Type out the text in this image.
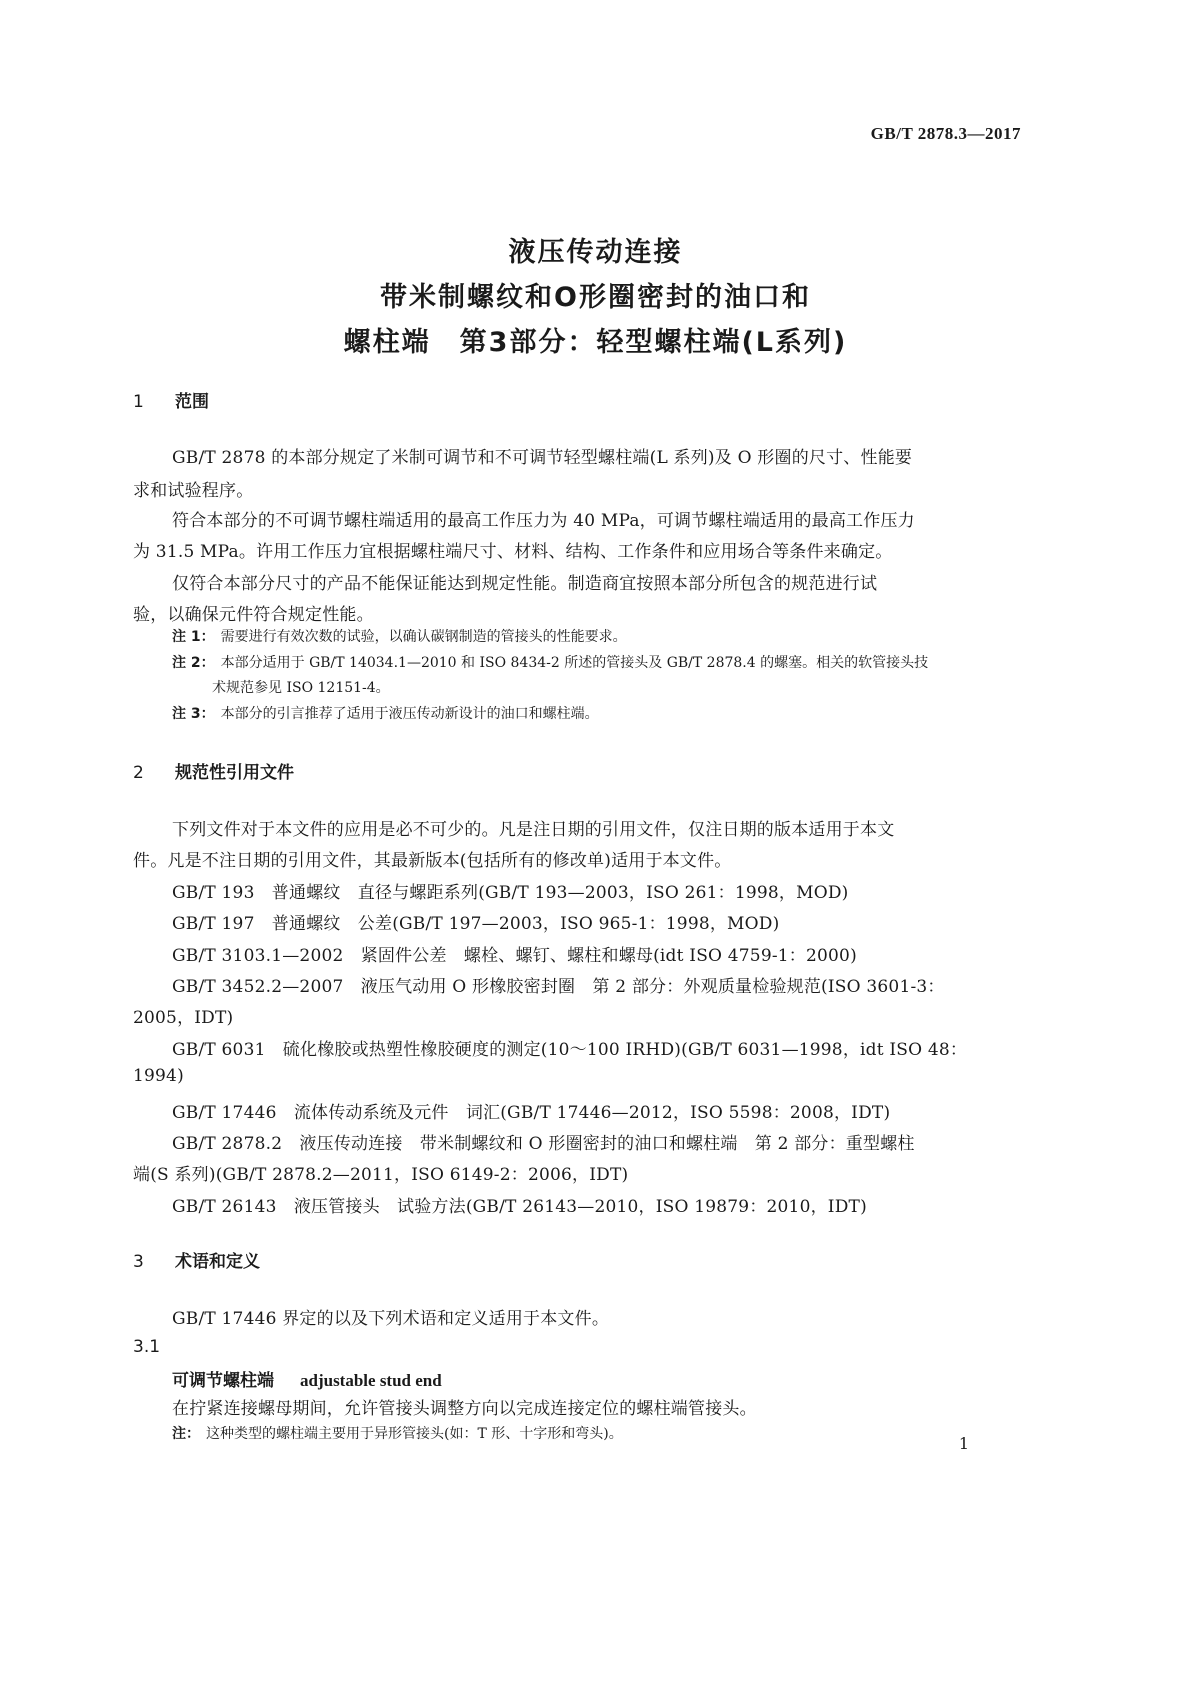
GB/T 2878.3—2017
液压传动连接
带米制螺纹和O形圈密封的油口和
螺柱端　第3部分：轻型螺柱端(L系列)
1 范围
GB/T 2878 的本部分规定了米制可调节和不可调节轻型螺柱端(L 系列)及 O 形圈的尺寸、性能要
求和试验程序。
符合本部分的不可调节螺柱端适用的最高工作压力为 40 MPa，可调节螺柱端适用的最高工作压力
为 31.5 MPa。许用工作压力宜根据螺柱端尺寸、材料、结构、工作条件和应用场合等条件来确定。
仅符合本部分尺寸的产品不能保证能达到规定性能。制造商宜按照本部分所包含的规范进行试
验，以确保元件符合规定性能。
注 1： 需要进行有效次数的试验，以确认碳钢制造的管接头的性能要求。
注 2： 本部分适用于 GB/T 14034.1—2010 和 ISO 8434-2 所述的管接头及 GB/T 2878.4 的螺塞。相关的软管接头技
术规范参见 ISO 12151-4。
注 3： 本部分的引言推荐了适用于液压传动新设计的油口和螺柱端。
2 规范性引用文件
下列文件对于本文件的应用是必不可少的。凡是注日期的引用文件，仅注日期的版本适用于本文
件。凡是不注日期的引用文件，其最新版本(包括所有的修改单)适用于本文件。
GB/T 193　普通螺纹　直径与螺距系列(GB/T 193—2003，ISO 261：1998，MOD)
GB/T 197　普通螺纹　公差(GB/T 197—2003，ISO 965-1：1998，MOD)
GB/T 3103.1—2002　紧固件公差　螺栓、螺钉、螺柱和螺母(idt ISO 4759-1：2000)
GB/T 3452.2—2007　液压气动用 O 形橡胶密封圈　第 2 部分：外观质量检验规范(ISO 3601-3：
2005，IDT)
GB/T 6031　硫化橡胶或热塑性橡胶硬度的测定(10～100 IRHD)(GB/T 6031—1998，idt ISO 48：
1994)
GB/T 17446　流体传动系统及元件　词汇(GB/T 17446—2012，ISO 5598：2008，IDT)
GB/T 2878.2　液压传动连接　带米制螺纹和 O 形圈密封的油口和螺柱端　第 2 部分：重型螺柱
端(S 系列)(GB/T 2878.2—2011，ISO 6149-2：2006，IDT)
GB/T 26143　液压管接头　试验方法(GB/T 26143—2010，ISO 19879：2010，IDT)
3 术语和定义
GB/T 17446 界定的以及下列术语和定义适用于本文件。
3.1
可调节螺柱端 adjustable stud end
在拧紧连接螺母期间，允许管接头调整方向以完成连接定位的螺柱端管接头。
注： 这种类型的螺柱端主要用于异形管接头(如：T 形、十字形和弯头)。	1
